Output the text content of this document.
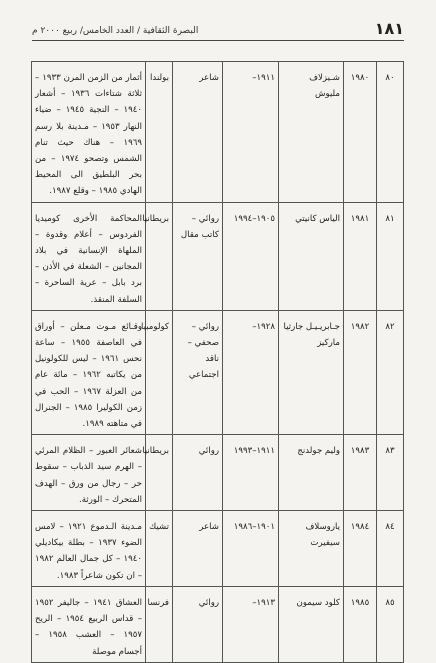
١٨١
البصرة الثقافية / العدد الخامس/ ربيع ٢٠٠٠ م
٨٠	١٩٨٠	شـيزلاف مليوش	١٩١١–	شاعر	بولندا	أثمار من الزمن المرن ١٩٣٣ – ثلاثة شتاءات ١٩٣٦ – أشعار ١٩٤٠ – النجية ١٩٤٥ – ضياء النهار ١٩٥٣ – مـدينة بلا رسم ١٩٦٩ – هناك حيث تنام الشمس وتصحو ١٩٧٤ – من بحر البلطيق الى المحيط الهادي ١٩٨٥ – وقلع ١٩٨٧.
٨١	١٩٨١	الياس كانيتي	١٩٠٥–١٩٩٤	روائي – كاتب مقال	بريطانيا	المحاكمة الأخرى كوميديا الفردوس – أعلام وقدوة – الملهاة الإنسانية في بلاد المجانين – الشعلة في الأذن – برد بابل – عرية الساحرة – السلفة المنقذ.
٨٢	١٩٨٢	جـابريـيـل جارثيا ماركيز	١٩٢٨–	روائي – صحفي – ناقد اجتماعي	كولومبيا	وقـائع مـوت مـعلن – أوراق في العاصفة ١٩٥٥ – ساعة نحس ١٩٦١ – ليس للكولونيل من يكاتبه ١٩٦٢ – مائة عام من العزلة ١٩٦٧ – الحب في زمن الكوليرا ١٩٨٥ – الجنرال في متاهته ١٩٨٩.
٨٣	١٩٨٣	وليم جولدنج	١٩١١–١٩٩٣	روائي	بريطانيا	شعائر العبور – الظلام المرئي – الهرم سيد الذباب – سقوط حر – رجال من ورق – الهدف المتحرك – الورثة.
٨٤	١٩٨٤	ياروسلاف سيفيرت	١٩٠١–١٩٨٦	شاعر	تشيك	مـدينة الـدموع ١٩٢١ – لامس الضوء ١٩٣٧ – بطلة بيكاديلي ١٩٤٠ – كل جمال العالم ١٩٨٢ – ان تكون شاعراً ١٩٨٣.
٨٥	١٩٨٥	كلود سيمون	١٩١٣–	روائي	فرنسا	العشاق ١٩٤١ – جاليفر ١٩٥٢ – قداس الربيع ١٩٥٤ – الريح ١٩٥٧ – العشب ١٩٥٨ – أجسام موصلة
